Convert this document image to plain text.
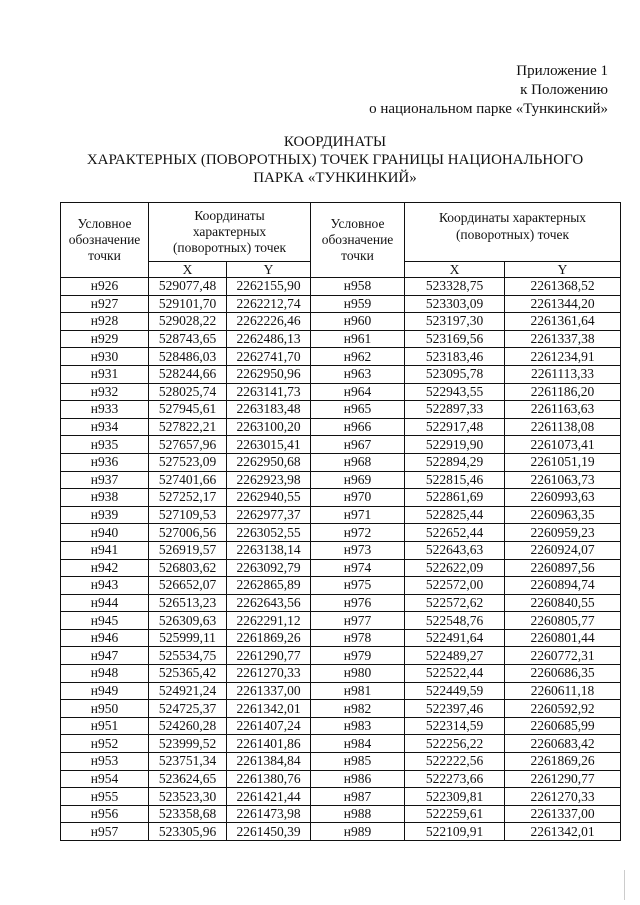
Приложение 1
к Положению
о национальном парке «Тункинский»
КООРДИНАТЫ
ХАРАКТЕРНЫХ (ПОВОРОТНЫХ) ТОЧЕК ГРАНИЦЫ НАЦИОНАЛЬНОГО
ПАРКА «ТУНКИНКИЙ»
Условное обозначение точки	Координаты характерных (поворотных) точек		Условное обозначение точки	Координаты характерных (поворотных) точек	
	X	Y		X	Y
н926	529077,48	2262155,90	н958	523328,75	2261368,52
н927	529101,70	2262212,74	н959	523303,09	2261344,20
н928	529028,22	2262226,46	н960	523197,30	2261361,64
н929	528743,65	2262486,13	н961	523169,56	2261337,38
н930	528486,03	2262741,70	н962	523183,46	2261234,91
н931	528244,66	2262950,96	н963	523095,78	2261113,33
н932	528025,74	2263141,73	н964	522943,55	2261186,20
н933	527945,61	2263183,48	н965	522897,33	2261163,63
н934	527822,21	2263100,20	н966	522917,48	2261138,08
н935	527657,96	2263015,41	н967	522919,90	2261073,41
н936	527523,09	2262950,68	н968	522894,29	2261051,19
н937	527401,66	2262923,98	н969	522815,46	2261063,73
н938	527252,17	2262940,55	н970	522861,69	2260993,63
н939	527109,53	2262977,37	н971	522825,44	2260963,35
н940	527006,56	2263052,55	н972	522652,44	2260959,23
н941	526919,57	2263138,14	н973	522643,63	2260924,07
н942	526803,62	2263092,79	н974	522622,09	2260897,56
н943	526652,07	2262865,89	н975	522572,00	2260894,74
н944	526513,23	2262643,56	н976	522572,62	2260840,55
н945	526309,63	2262291,12	н977	522548,76	2260805,77
н946	525999,11	2261869,26	н978	522491,64	2260801,44
н947	525534,75	2261290,77	н979	522489,27	2260772,31
н948	525365,42	2261270,33	н980	522522,44	2260686,35
н949	524921,24	2261337,00	н981	522449,59	2260611,18
н950	524725,37	2261342,01	н982	522397,46	2260592,92
н951	524260,28	2261407,24	н983	522314,59	2260685,99
н952	523999,52	2261401,86	н984	522256,22	2260683,42
н953	523751,34	2261384,84	н985	522222,56	2261869,26
н954	523624,65	2261380,76	н986	522273,66	2261290,77
н955	523523,30	2261421,44	н987	522309,81	2261270,33
н956	523358,68	2261473,98	н988	522259,61	2261337,00
н957	523305,96	2261450,39	н989	522109,91	2261342,01
